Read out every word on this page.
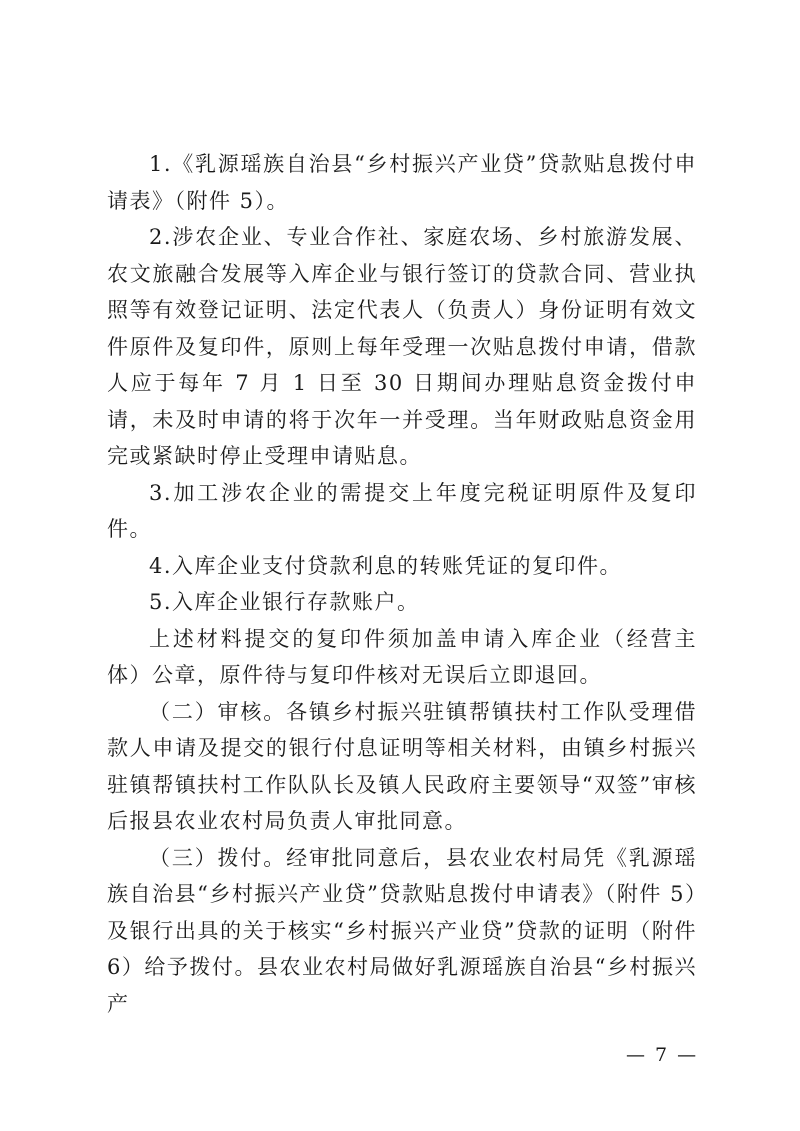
1.《乳源瑶族自治县“乡村振兴产业贷”贷款贴息拨付申请表》（附件 5）。

2.涉农企业、专业合作社、家庭农场、乡村旅游发展、农文旅融合发展等入库企业与银行签订的贷款合同、营业执照等有效登记证明、法定代表人（负责人）身份证明有效文件原件及复印件，原则上每年受理一次贴息拨付申请，借款人应于每年 7 月 1 日至 30 日期间办理贴息资金拨付申请，未及时申请的将于次年一并受理。当年财政贴息资金用完或紧缺时停止受理申请贴息。

3.加工涉农企业的需提交上年度完税证明原件及复印件。

4.入库企业支付贷款利息的转账凭证的复印件。

5.入库企业银行存款账户。

上述材料提交的复印件须加盖申请入库企业（经营主体）公章，原件待与复印件核对无误后立即退回。

（二）审核。各镇乡村振兴驻镇帮镇扶村工作队受理借款人申请及提交的银行付息证明等相关材料，由镇乡村振兴驻镇帮镇扶村工作队队长及镇人民政府主要领导“双签”审核后报县农业农村局负责人审批同意。

（三）拨付。经审批同意后，县农业农村局凭《乳源瑶族自治县“乡村振兴产业贷”贷款贴息拨付申请表》（附件 5）及银行出具的关于核实“乡村振兴产业贷”贷款的证明（附件 6）给予拨付。县农业农村局做好乳源瑶族自治县“乡村振兴产

— 7 —
